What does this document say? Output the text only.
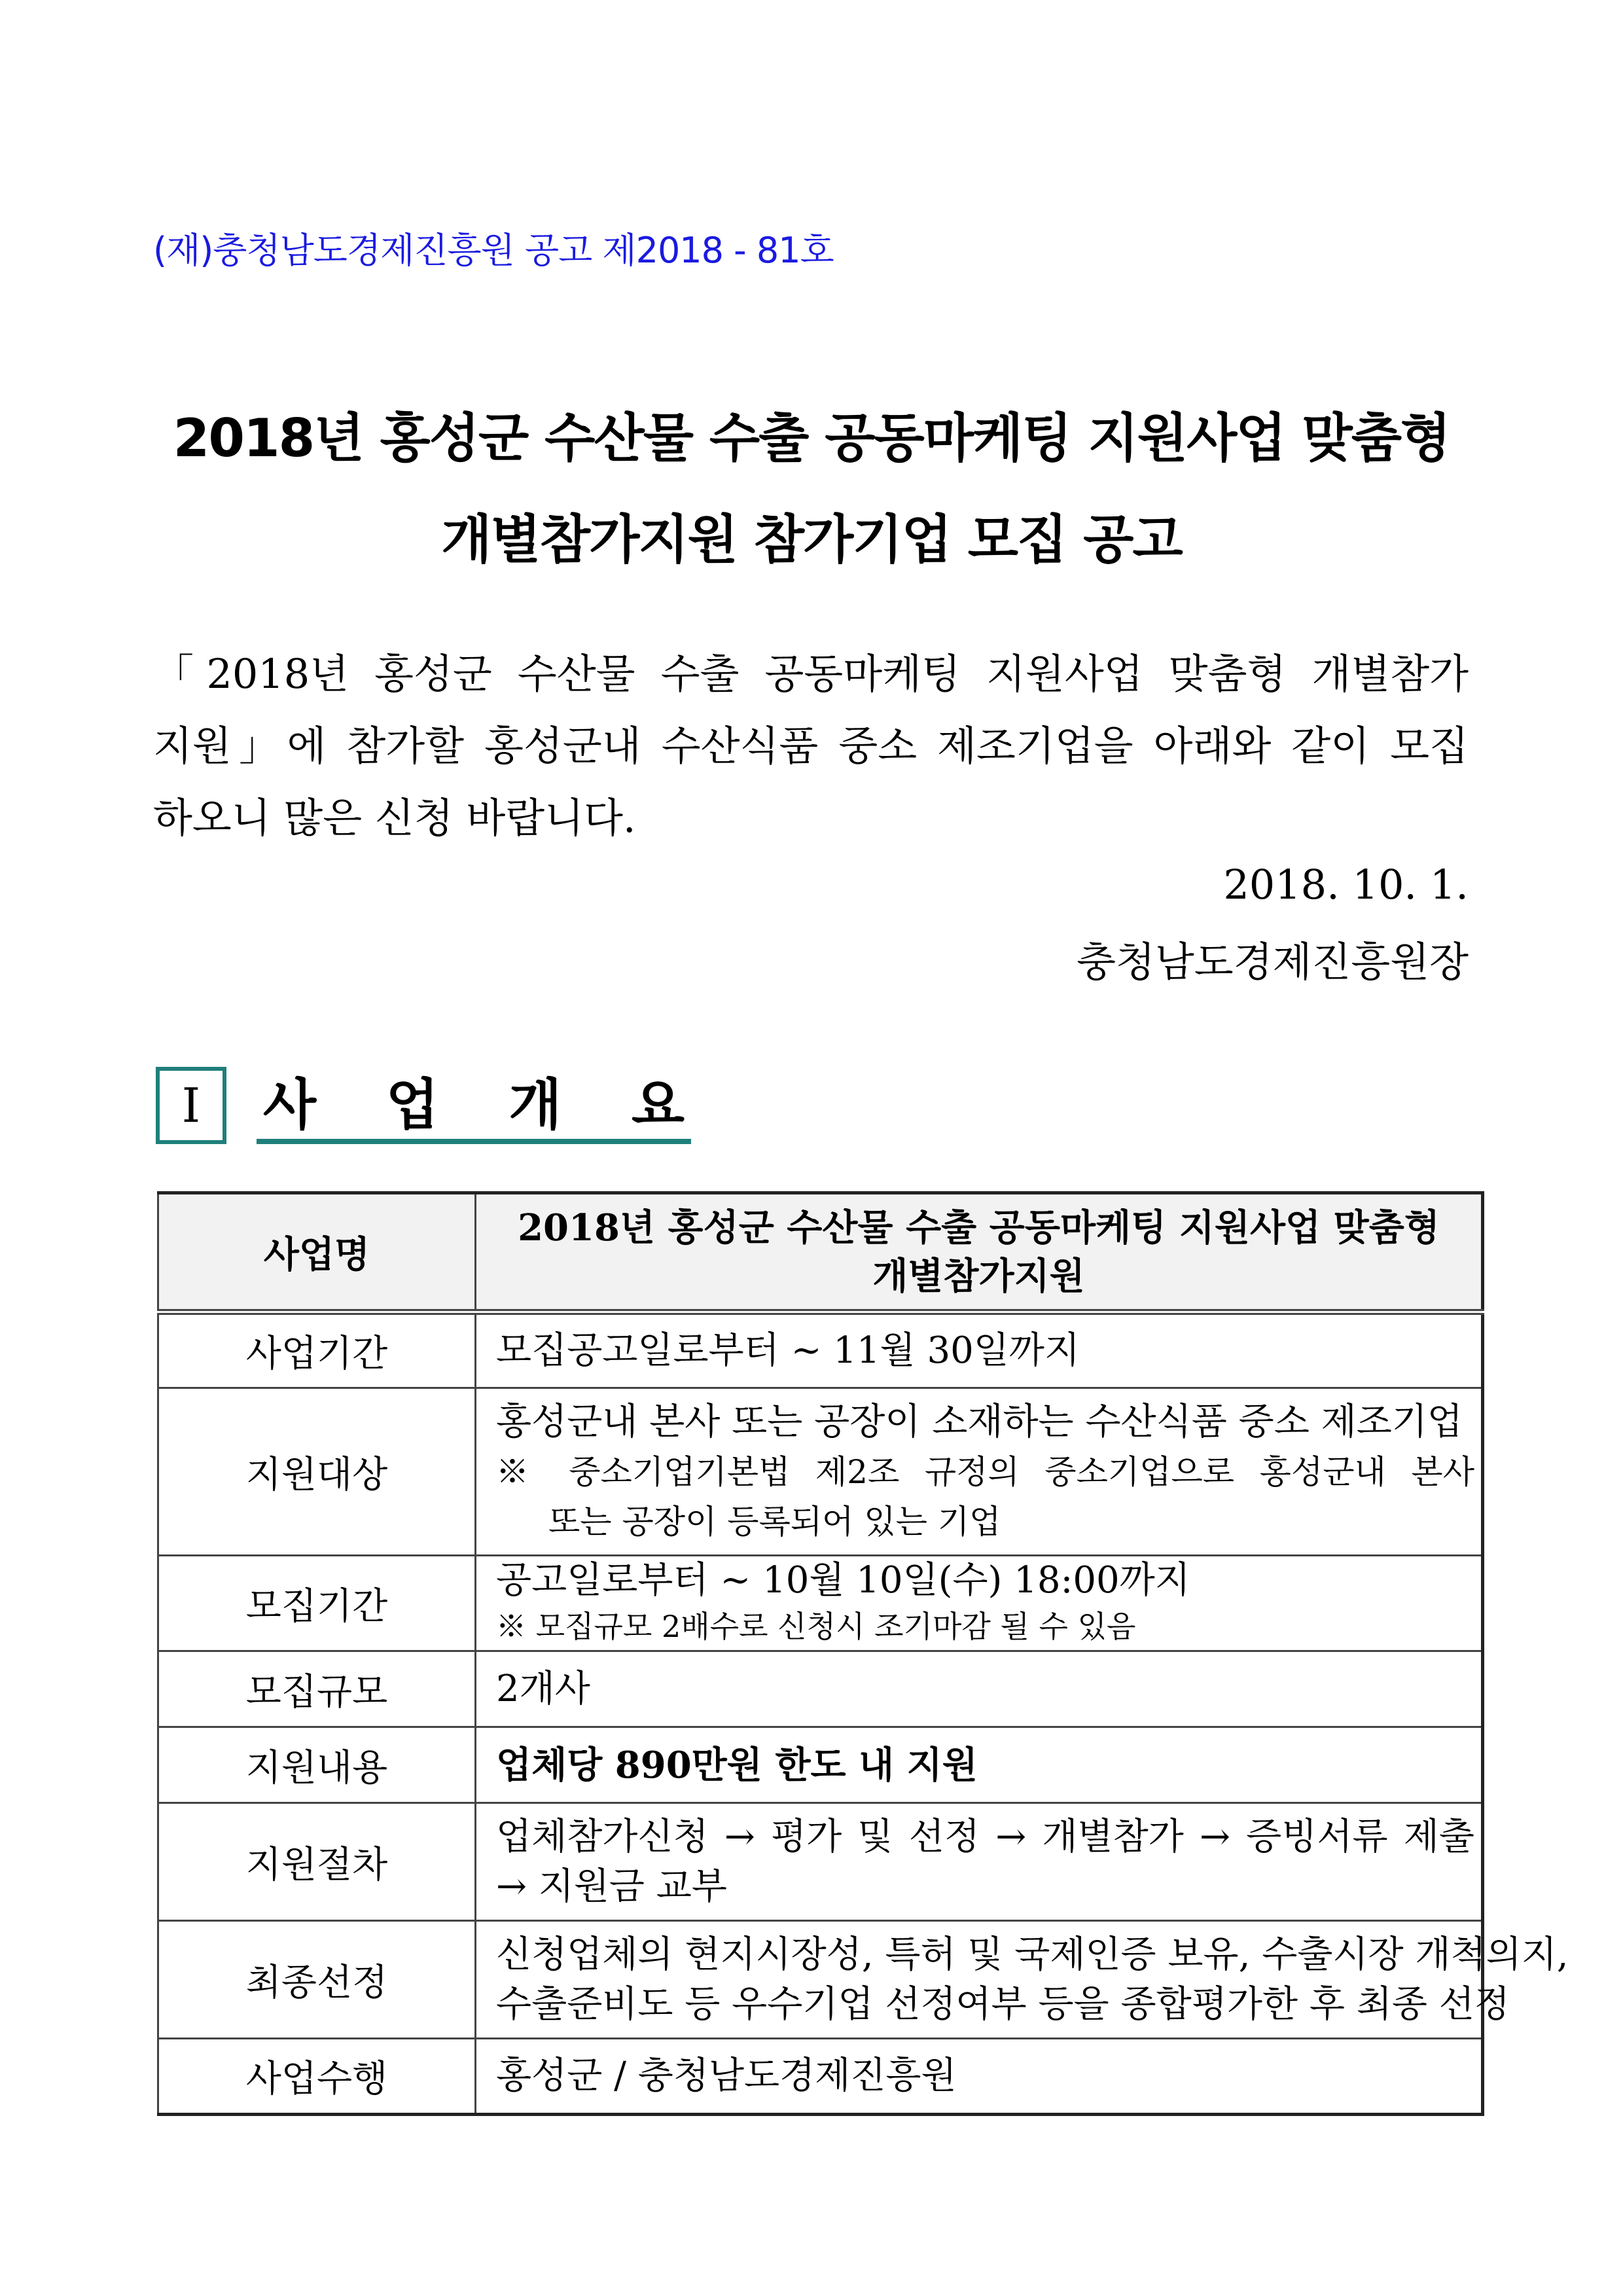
(재)충청남도경제진흥원 공고 제2018 - 81호
2018년 홍성군 수산물 수출 공동마케팅 지원사업 맞춤형
개별참가지원 참가기업 모집 공고
「2018년 홍성군 수산물 수출 공동마케팅 지원사업 맞춤형 개별참가
지원」에 참가할 홍성군내 수산식품 중소 제조기업을 아래와 같이 모집
하오니 많은 신청 바랍니다.
2018. 10. 1.
충청남도경제진흥원장
Ⅰ 사 업 개 요
사업명	2018년 홍성군 수산물 수출 공동마케팅 지원사업 맞춤형
개별참가지원

사업기간	모집공고일로부터 ~ 11월 30일까지
지원대상	홍성군내 본사 또는 공장이 소재하는 수산식품 중소 제조기업
※ 중소기업기본법 제2조 규정의 중소기업으로 홍성군내 본사
또는 공장이 등록되어 있는 기업

모집기간	공고일로부터 ~ 10월 10일(수) 18:00까지
※ 모집규모 2배수로 신청시 조기마감 될 수 있음

모집규모	2개사
지원내용	업체당 890만원 한도 내 지원
지원절차	업체참가신청 → 평가 및 선정 → 개별참가 → 증빙서류 제출
→ 지원금 교부

최종선정	신청업체의 현지시장성, 특허 및 국제인증 보유, 수출시장 개척의지,
수출준비도 등 우수기업 선정여부 등을 종합평가한 후 최종 선정

사업수행	홍성군 / 충청남도경제진흥원
